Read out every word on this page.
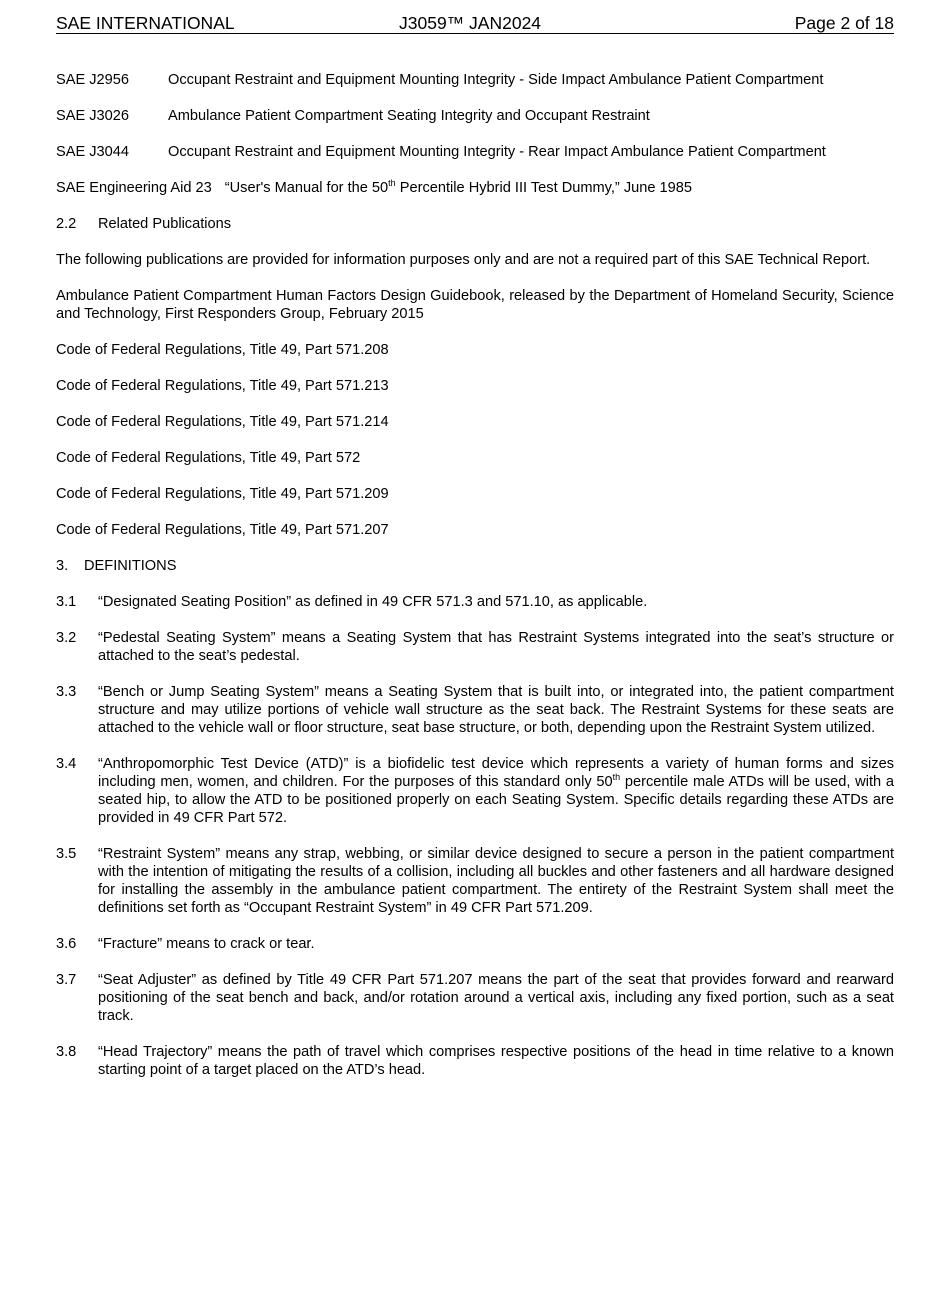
SAE INTERNATIONAL	J3059™ JAN2024	Page 2 of 18
SAE J2956	Occupant Restraint and Equipment Mounting Integrity - Side Impact Ambulance Patient Compartment
SAE J3026	Ambulance Patient Compartment Seating Integrity and Occupant Restraint
SAE J3044	Occupant Restraint and Equipment Mounting Integrity - Rear Impact Ambulance Patient Compartment
SAE Engineering Aid 23 “User's Manual for the 50th Percentile Hybrid III Test Dummy,” June 1985
2.2	Related Publications

The following publications are provided for information purposes only and are not a required part of this SAE Technical Report.

Ambulance Patient Compartment Human Factors Design Guidebook, released by the Department of Homeland Security, Science and Technology, First Responders Group, February 2015

Code of Federal Regulations, Title 49, Part 571.208

Code of Federal Regulations, Title 49, Part 571.213

Code of Federal Regulations, Title 49, Part 571.214

Code of Federal Regulations, Title 49, Part 572

Code of Federal Regulations, Title 49, Part 571.209

Code of Federal Regulations, Title 49, Part 571.207

3.	DEFINITIONS
3.1	“Designated Seating Position” as defined in 49 CFR 571.3 and 571.10, as applicable.
3.2	“Pedestal Seating System” means a Seating System that has Restraint Systems integrated into the seat’s structure or attached to the seat’s pedestal.
3.3	“Bench or Jump Seating System” means a Seating System that is built into, or integrated into, the patient compartment structure and may utilize portions of vehicle wall structure as the seat back. The Restraint Systems for these seats are attached to the vehicle wall or floor structure, seat base structure, or both, depending upon the Restraint System utilized.
3.4	“Anthropomorphic Test Device (ATD)” is a biofidelic test device which represents a variety of human forms and sizes including men, women, and children. For the purposes of this standard only 50th percentile male ATDs will be used, with a seated hip, to allow the ATD to be positioned properly on each Seating System. Specific details regarding these ATDs are provided in 49 CFR Part 572.
3.5	“Restraint System” means any strap, webbing, or similar device designed to secure a person in the patient compartment with the intention of mitigating the results of a collision, including all buckles and other fasteners and all hardware designed for installing the assembly in the ambulance patient compartment. The entirety of the Restraint System shall meet the definitions set forth as “Occupant Restraint System” in 49 CFR Part 571.209.
3.6	“Fracture” means to crack or tear.
3.7	“Seat Adjuster” as defined by Title 49 CFR Part 571.207 means the part of the seat that provides forward and rearward positioning of the seat bench and back, and/or rotation around a vertical axis, including any fixed portion, such as a seat track.
3.8	“Head Trajectory” means the path of travel which comprises respective positions of the head in time relative to a known starting point of a target placed on the ATD’s head.
